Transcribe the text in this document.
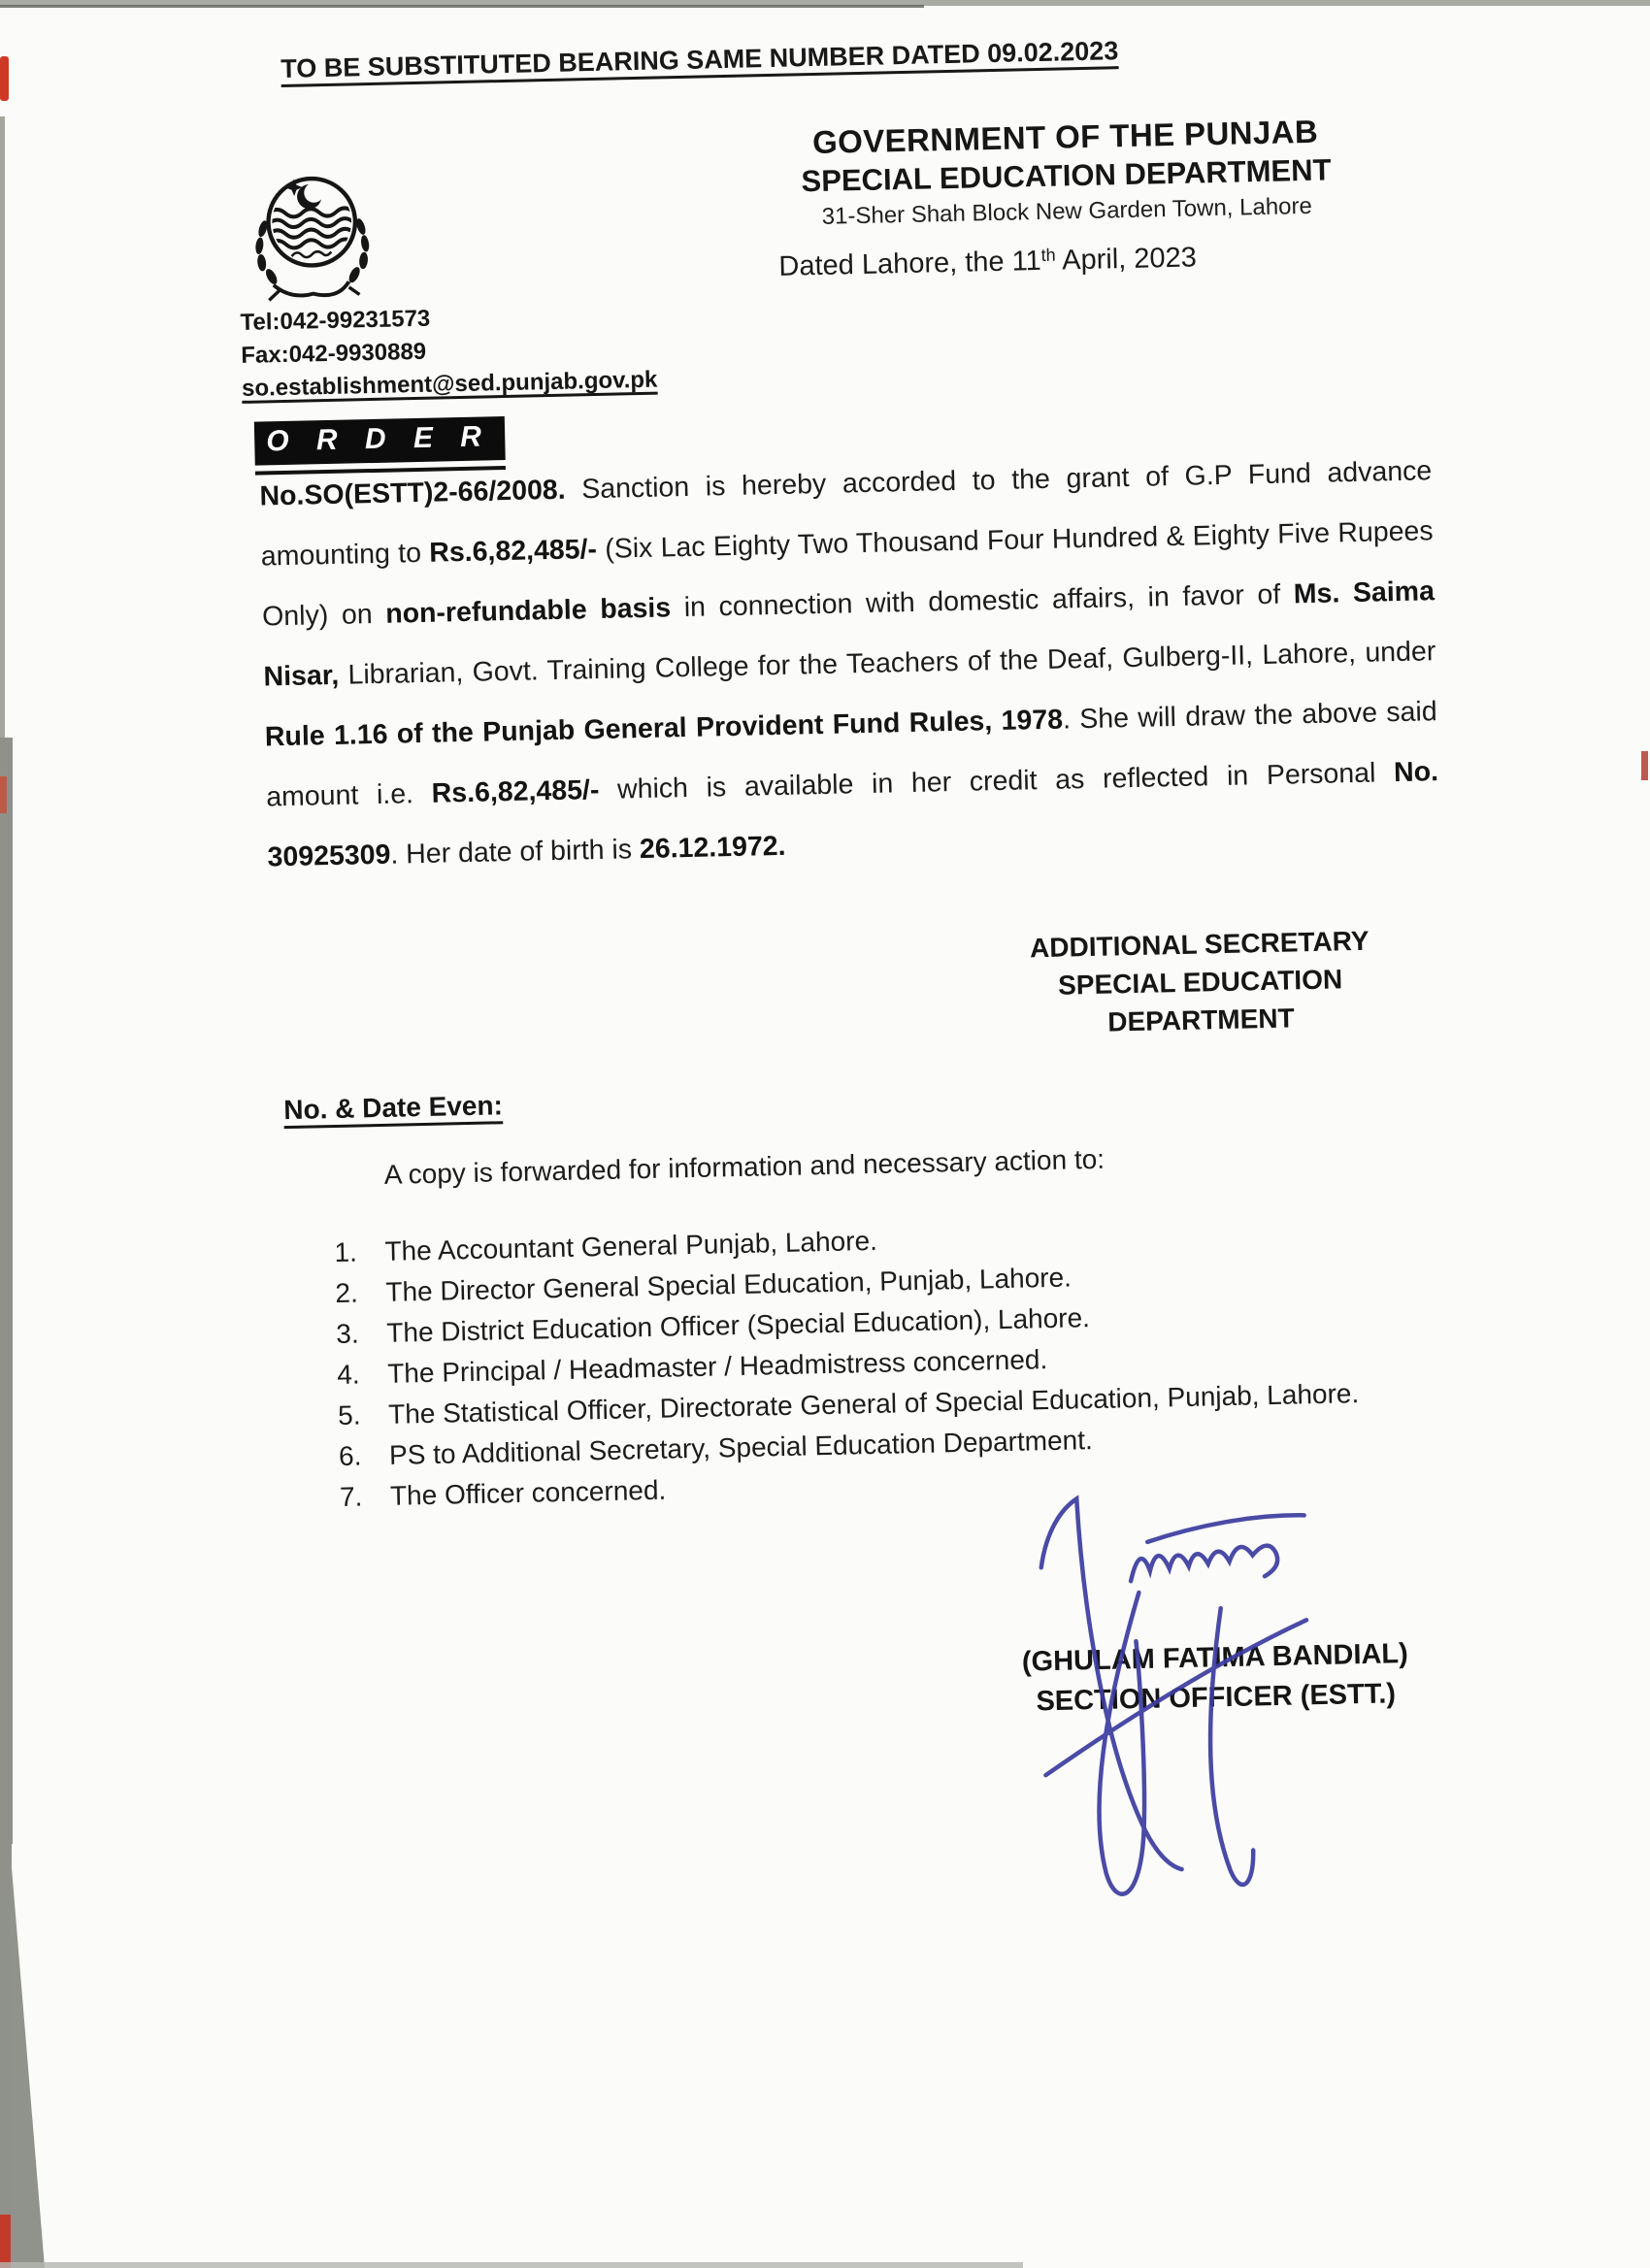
TO BE SUBSTITUTED BEARING SAME NUMBER DATED 09.02.2023
GOVERNMENT OF THE PUNJAB
SPECIAL EDUCATION DEPARTMENT
31-Sher Shah Block New Garden Town, Lahore
Dated Lahore, the 11th April, 2023
Tel:042-99231573
Fax:042-9930889
so.establishment@sed.punjab.gov.pk
O R D E R

No.SO(ESTT)2-66/2008. Sanction is hereby accorded to the grant of G.P Fund advance amounting to Rs.6,82,485/- (Six Lac Eighty Two Thousand Four Hundred & Eighty Five Rupees Only) on non-refundable basis in connection with domestic affairs, in favor of Ms. Saima Nisar, Librarian, Govt. Training College for the Teachers of the Deaf, Gulberg-II, Lahore, under Rule 1.16 of the Punjab General Provident Fund Rules, 1978. She will draw the above said amount i.e. Rs.6,82,485/- which is available in her credit as reflected in Personal No. 30925309. Her date of birth is 26.12.1972.

ADDITIONAL SECRETARY
SPECIAL EDUCATION
DEPARTMENT
No. & Date Even:
A copy is forwarded for information and necessary action to:
1. The Accountant General Punjab, Lahore.
2. The Director General Special Education, Punjab, Lahore.
3. The District Education Officer (Special Education), Lahore.
4. The Principal / Headmaster / Headmistress concerned.
5. The Statistical Officer, Directorate General of Special Education, Punjab, Lahore.
6. PS to Additional Secretary, Special Education Department.
7. The Officer concerned.
(GHULAM FATIMA BANDIAL)
SECTION OFFICER (ESTT.)
